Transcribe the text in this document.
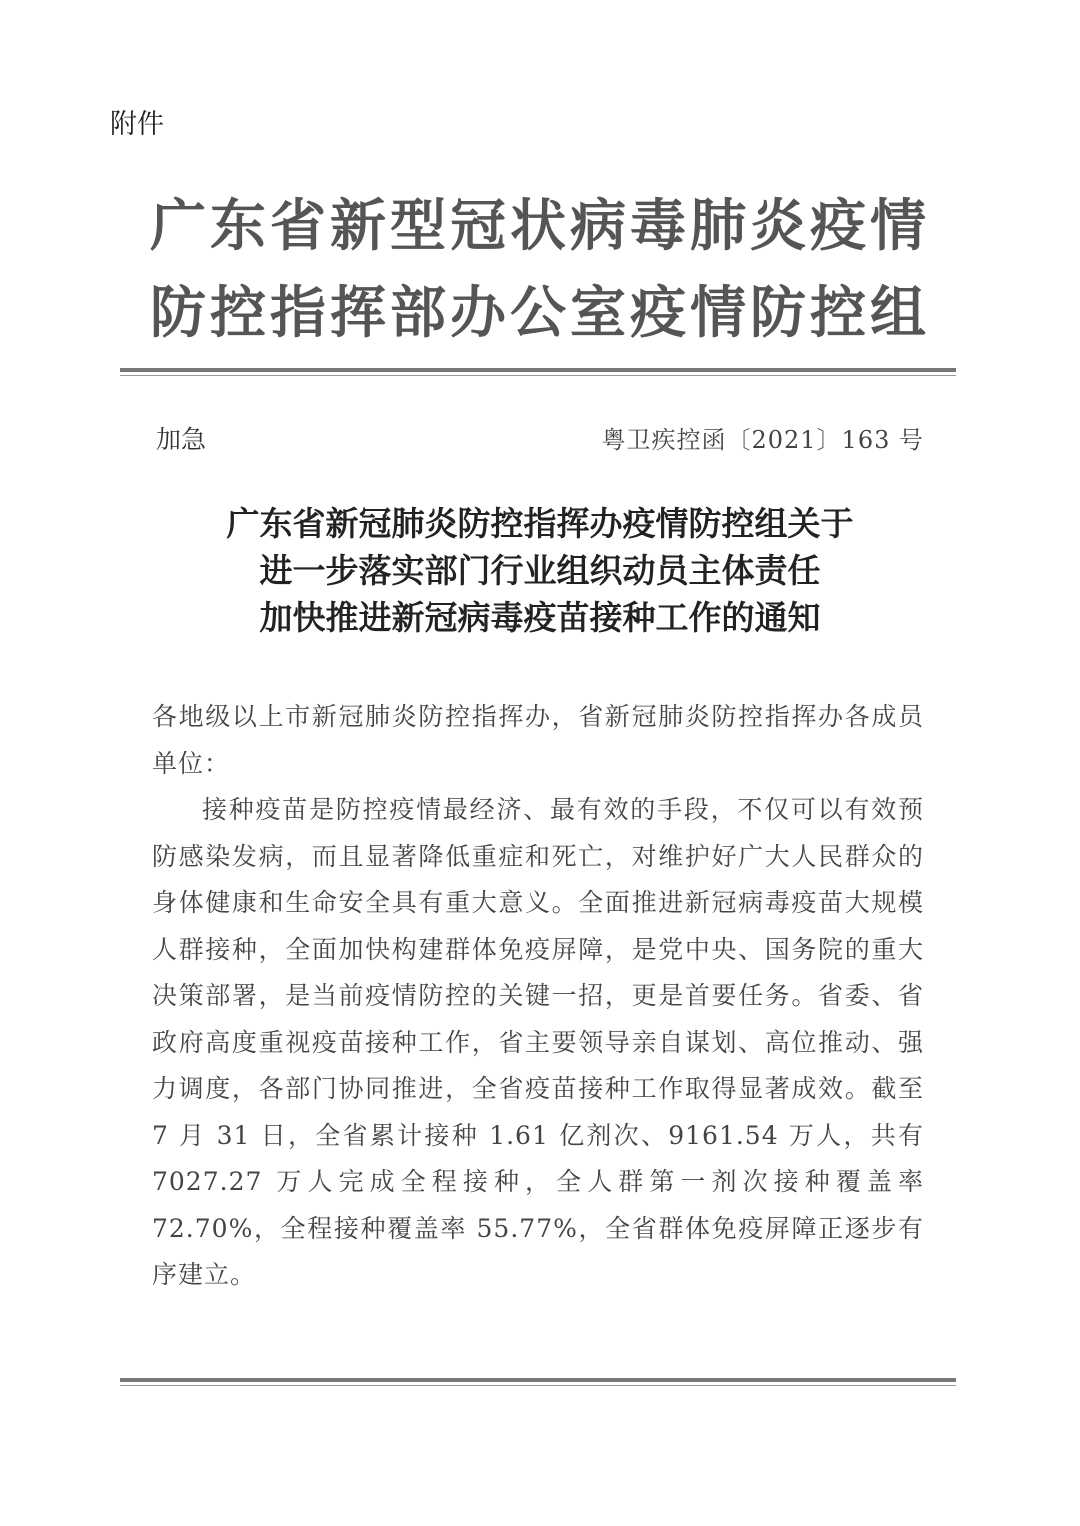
附件
广东省新型冠状病毒肺炎疫情
防控指挥部办公室疫情防控组
加急	粤卫疾控函〔2021〕163 号
广东省新冠肺炎防控指挥办疫情防控组关于
进一步落实部门行业组织动员主体责任
加快推进新冠病毒疫苗接种工作的通知

各地级以上市新冠肺炎防控指挥办，省新冠肺炎防控指挥办各成员单位：

接种疫苗是防控疫情最经济、最有效的手段，不仅可以有效预防感染发病，而且显著降低重症和死亡，对维护好广大人民群众的身体健康和生命安全具有重大意义。全面推进新冠病毒疫苗大规模人群接种，全面加快构建群体免疫屏障，是党中央、国务院的重大决策部署，是当前疫情防控的关键一招，更是首要任务。省委、省政府高度重视疫苗接种工作，省主要领导亲自谋划、高位推动、强力调度，各部门协同推进，全省疫苗接种工作取得显著成效。截至 7 月 31 日，全省累计接种 1.61 亿剂次、9161.54 万人，共有 7027.27 万人完成全程接种，全人群第一剂次接种覆盖率 72.70%，全程接种覆盖率 55.77%，全省群体免疫屏障正逐步有序建立。
